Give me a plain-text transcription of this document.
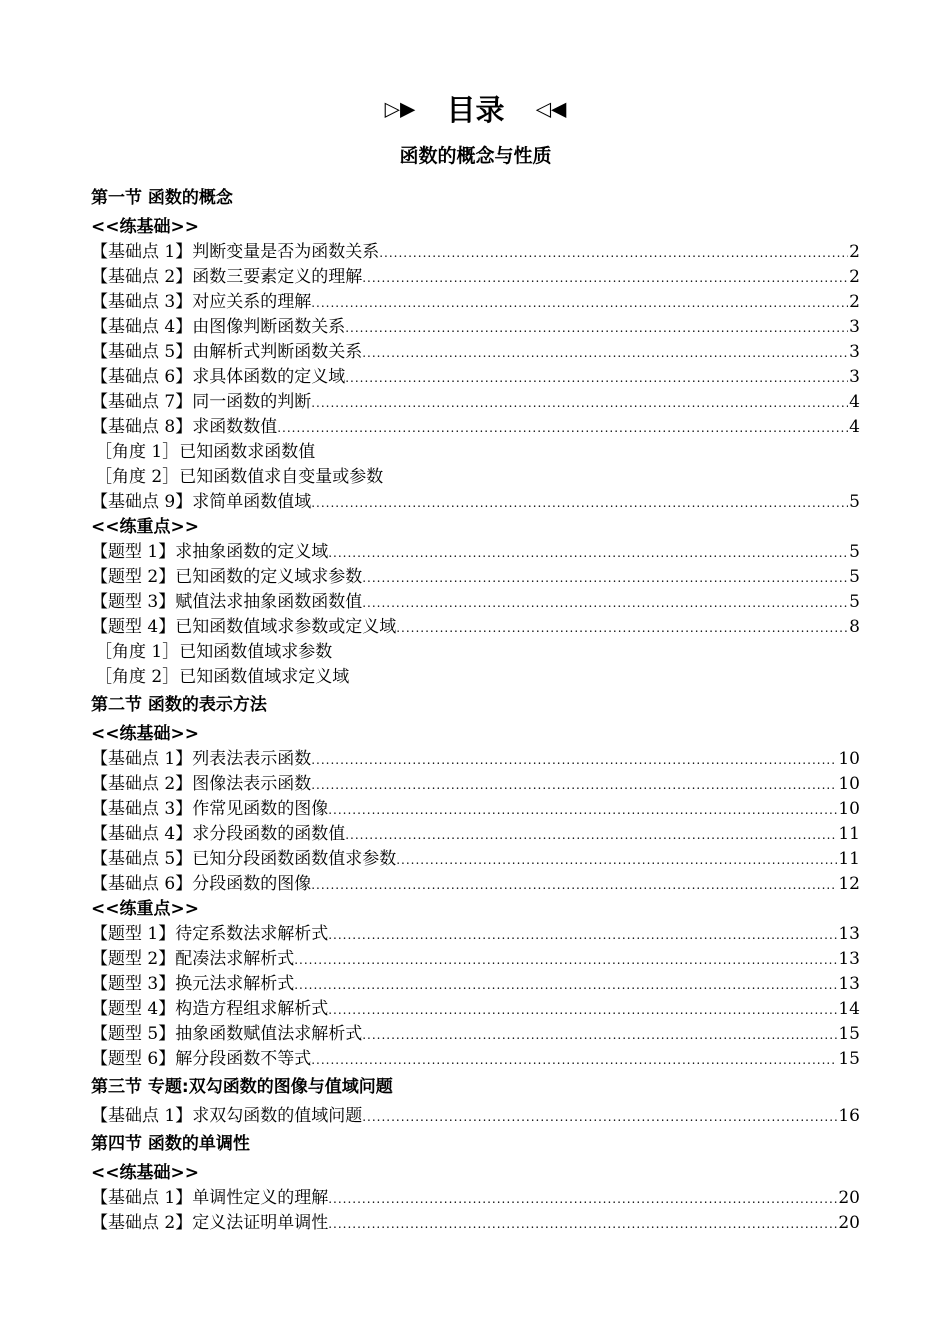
▷▶ 目录 ◁◀
函数的概念与性质
第一节 函数的概念
<<练基础>>
【基础点 1】判断变量是否为函数关系 .....	2
【基础点 2】函数三要素定义的理解 .....	2
【基础点 3】对应关系的理解 .....	2
【基础点 4】由图像判断函数关系 .....	3
【基础点 5】由解析式判断函数关系 .....	3
【基础点 6】求具体函数的定义域 .....	3
【基础点 7】同一函数的判断 .....	4
【基础点 8】求函数数值 .....	4
［角度 1］已知函数求函数值
［角度 2］已知函数值求自变量或参数
【基础点 9】求简单函数值域 .....	5
<<练重点>>
【题型 1】求抽象函数的定义域 .....	5
【题型 2】已知函数的定义域求参数 .....	5
【题型 3】赋值法求抽象函数函数值 .....	5
【题型 4】已知函数值域求参数或定义域 .....	8
［角度 1］已知函数值域求参数
［角度 2］已知函数值域求定义域
第二节 函数的表示方法
<<练基础>>
【基础点 1】列表法表示函数 .....	10
【基础点 2】图像法表示函数 .....	10
【基础点 3】作常见函数的图像 .....	10
【基础点 4】求分段函数的函数值 .....	11
【基础点 5】已知分段函数函数值求参数 .....	11
【基础点 6】分段函数的图像 .....	12
<<练重点>>
【题型 1】待定系数法求解析式 .....	13
【题型 2】配凑法求解析式 .....	13
【题型 3】换元法求解析式 .....	13
【题型 4】构造方程组求解析式 .....	14
【题型 5】抽象函数赋值法求解析式 .....	15
【题型 6】解分段函数不等式 .....	15
第三节 专题:双勾函数的图像与值域问题
【基础点 1】求双勾函数的值域问题 .....	16
第四节 函数的单调性
<<练基础>>
【基础点 1】单调性定义的理解 .....	20
【基础点 2】定义法证明单调性 .....	20
